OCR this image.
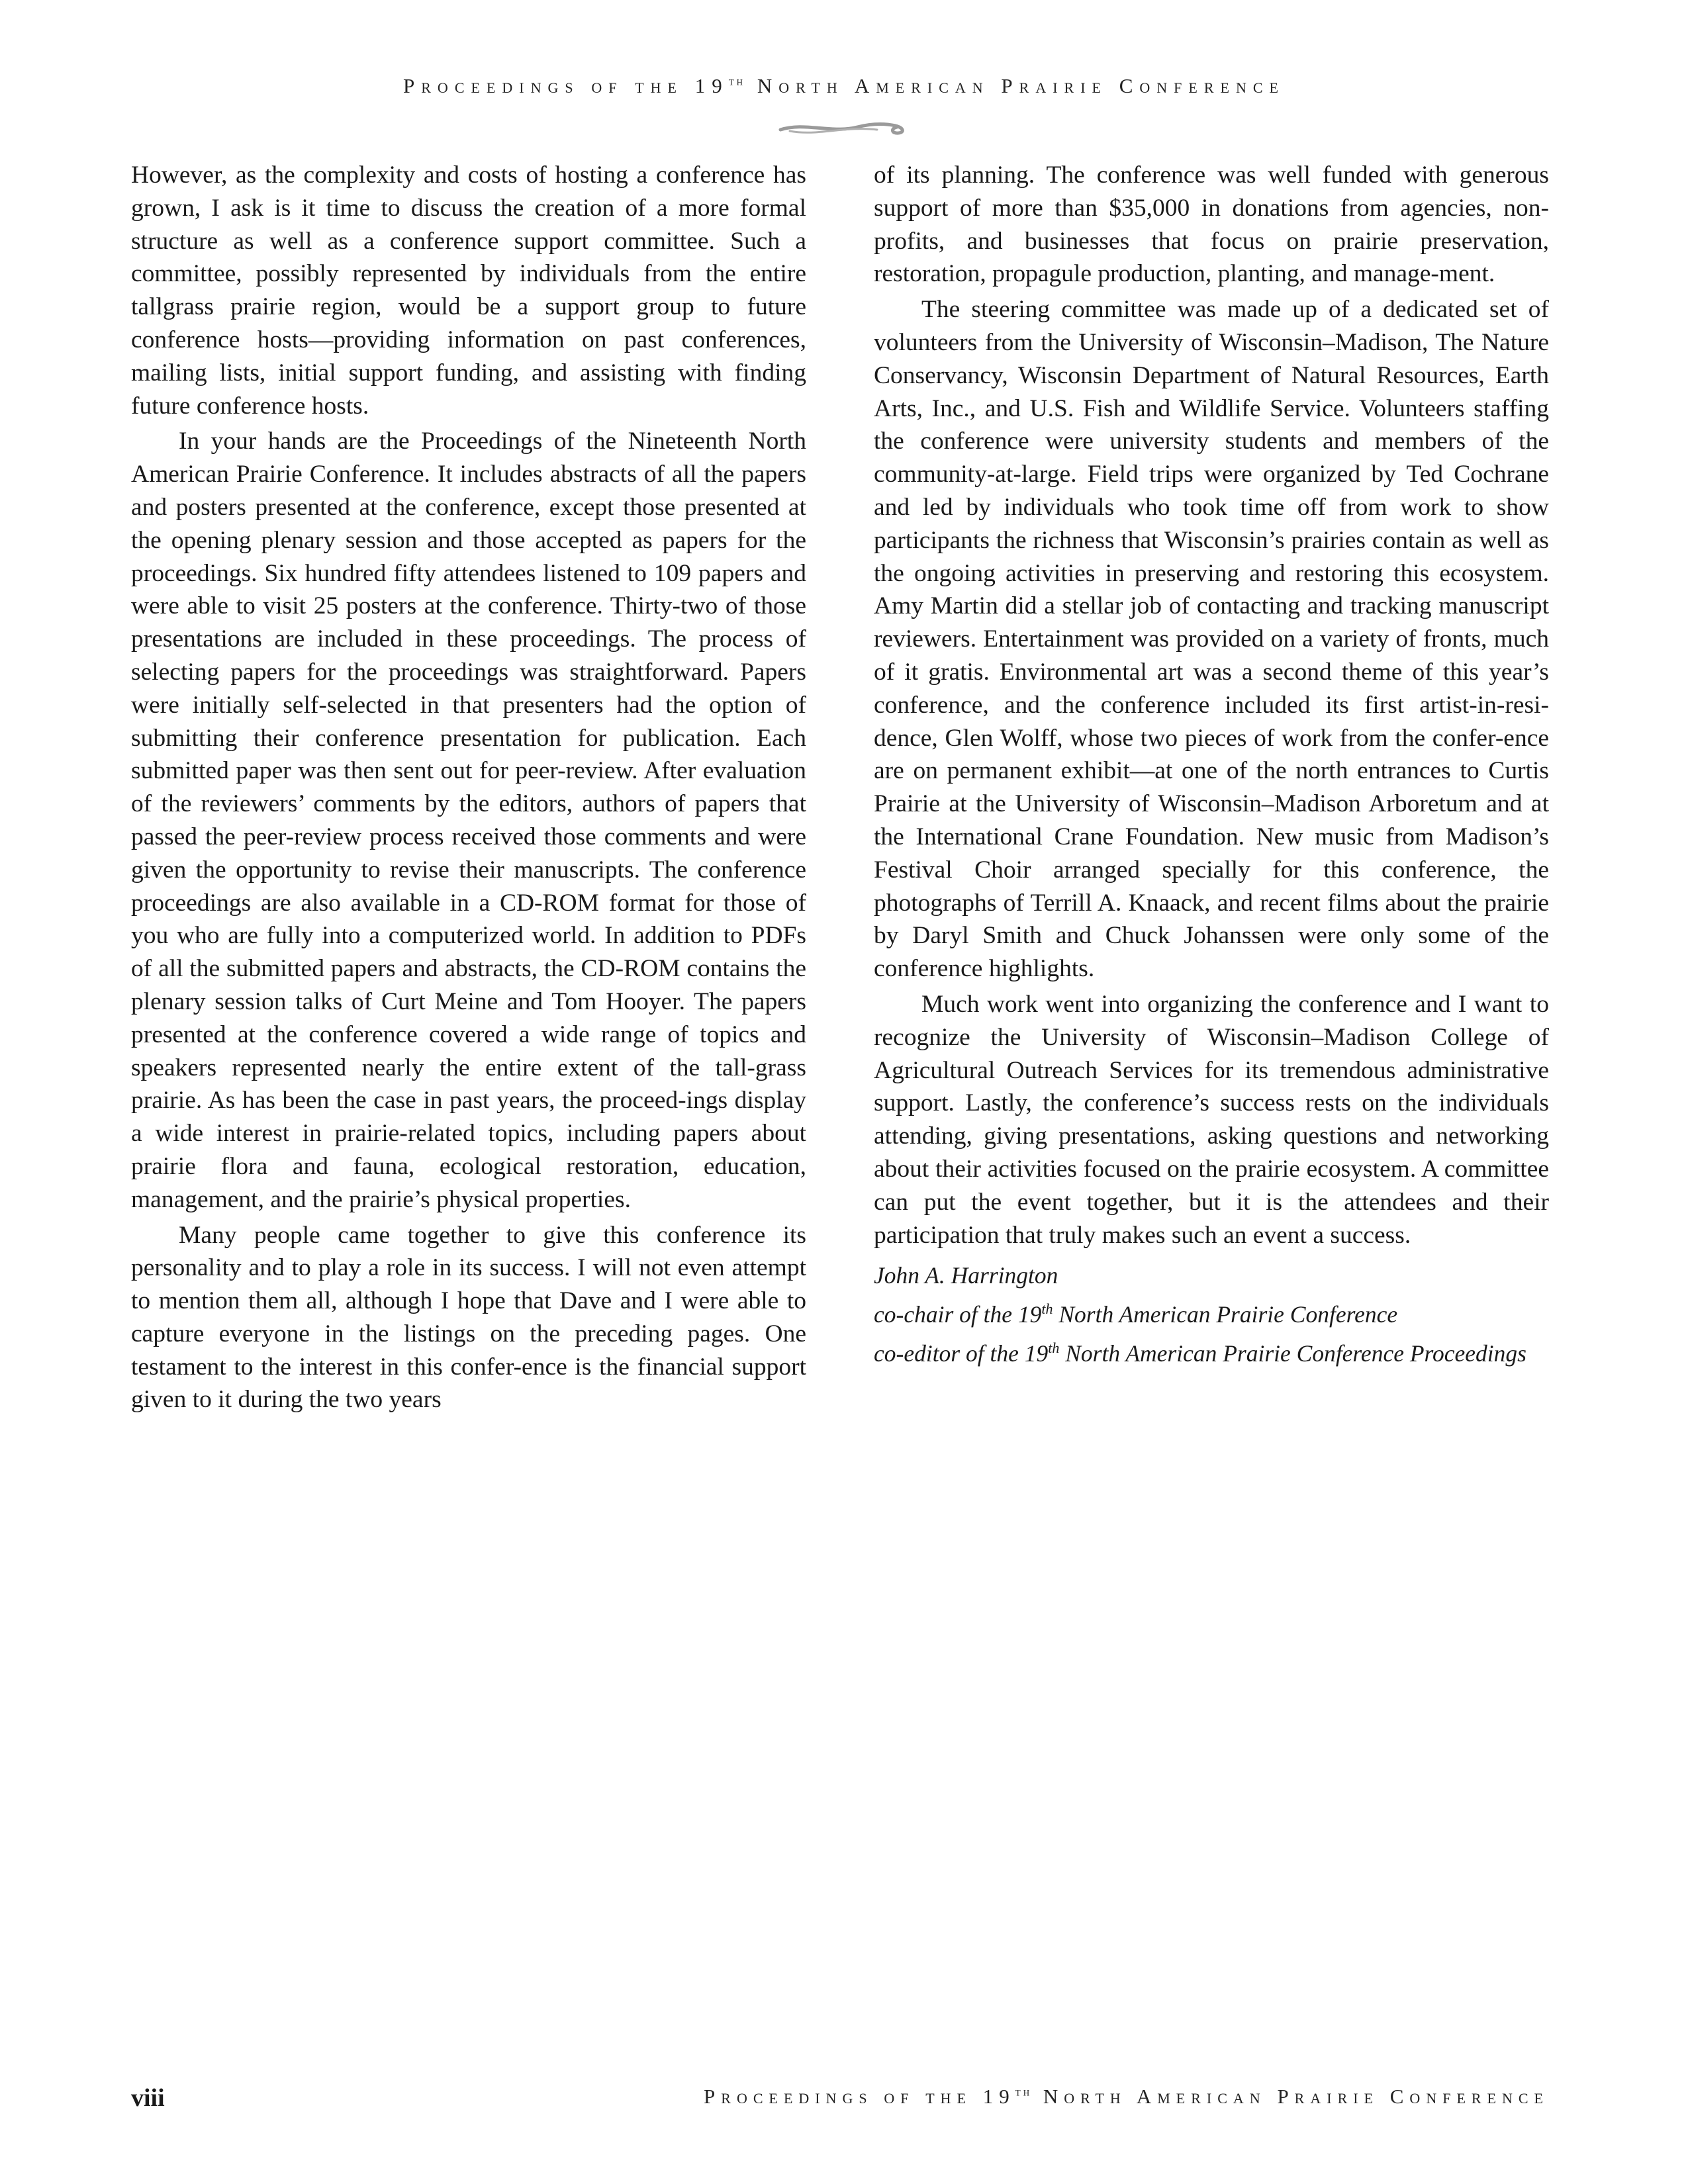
Proceedings of the 19th North American Prairie Conference

However, as the complexity and costs of hosting a conference has grown, I ask is it time to discuss the creation of a more formal structure as well as a conference support committee. Such a committee, possibly represented by individuals from the entire tallgrass prairie region, would be a support group to future conference hosts—providing information on past conferences, mailing lists, initial support funding, and assisting with finding future conference hosts.

In your hands are the Proceedings of the Nineteenth North American Prairie Conference. It includes abstracts of all the papers and posters presented at the conference, except those presented at the opening plenary session and those accepted as papers for the proceedings. Six hundred fifty attendees listened to 109 papers and were able to visit 25 posters at the conference. Thirty-two of those presentations are included in these proceedings. The process of selecting papers for the proceedings was straightforward. Papers were initially self-selected in that presenters had the option of submitting their conference presentation for publication. Each submitted paper was then sent out for peer-review. After evaluation of the reviewers’ comments by the editors, authors of papers that passed the peer-review process received those comments and were given the opportunity to revise their manuscripts. The conference proceedings are also available in a CD-ROM format for those of you who are fully into a computerized world. In addition to PDFs of all the submitted papers and abstracts, the CD-ROM contains the plenary session talks of Curt Meine and Tom Hooyer. The papers presented at the conference covered a wide range of topics and speakers represented nearly the entire extent of the tall-grass prairie. As has been the case in past years, the proceed-ings display a wide interest in prairie-related topics, including papers about prairie flora and fauna, ecological restoration, education, management, and the prairie’s physical properties.

Many people came together to give this conference its personality and to play a role in its success. I will not even attempt to mention them all, although I hope that Dave and I were able to capture everyone in the listings on the preceding pages. One testament to the interest in this confer-ence is the financial support given to it during the two years

of its planning. The conference was well funded with generous support of more than $35,000 in donations from agencies, non-profits, and businesses that focus on prairie preservation, restoration, propagule production, planting, and manage-ment.

The steering committee was made up of a dedicated set of volunteers from the University of Wisconsin–Madison, The Nature Conservancy, Wisconsin Department of Natural Resources, Earth Arts, Inc., and U.S. Fish and Wildlife Service. Volunteers staffing the conference were university students and members of the community-at-large. Field trips were organized by Ted Cochrane and led by individuals who took time off from work to show participants the richness that Wisconsin’s prairies contain as well as the ongoing activities in preserving and restoring this ecosystem. Amy Martin did a stellar job of contacting and tracking manuscript reviewers. Entertainment was provided on a variety of fronts, much of it gratis. Environmental art was a second theme of this year’s conference, and the conference included its first artist-in-resi-dence, Glen Wolff, whose two pieces of work from the confer-ence are on permanent exhibit—at one of the north entrances to Curtis Prairie at the University of Wisconsin–Madison Arboretum and at the International Crane Foundation. New music from Madison’s Festival Choir arranged specially for this conference, the photographs of Terrill A. Knaack, and recent films about the prairie by Daryl Smith and Chuck Johanssen were only some of the conference highlights.

Much work went into organizing the conference and I want to recognize the University of Wisconsin–Madison College of Agricultural Outreach Services for its tremendous administrative support. Lastly, the conference’s success rests on the individuals attending, giving presentations, asking questions and networking about their activities focused on the prairie ecosystem. A committee can put the event together, but it is the attendees and their participation that truly makes such an event a success.

John A. Harrington
co-chair of the 19th North American Prairie Conference
co-editor of the 19th North American Prairie Conference Proceedings
viii	Proceedings of the 19th North American Prairie Conference
